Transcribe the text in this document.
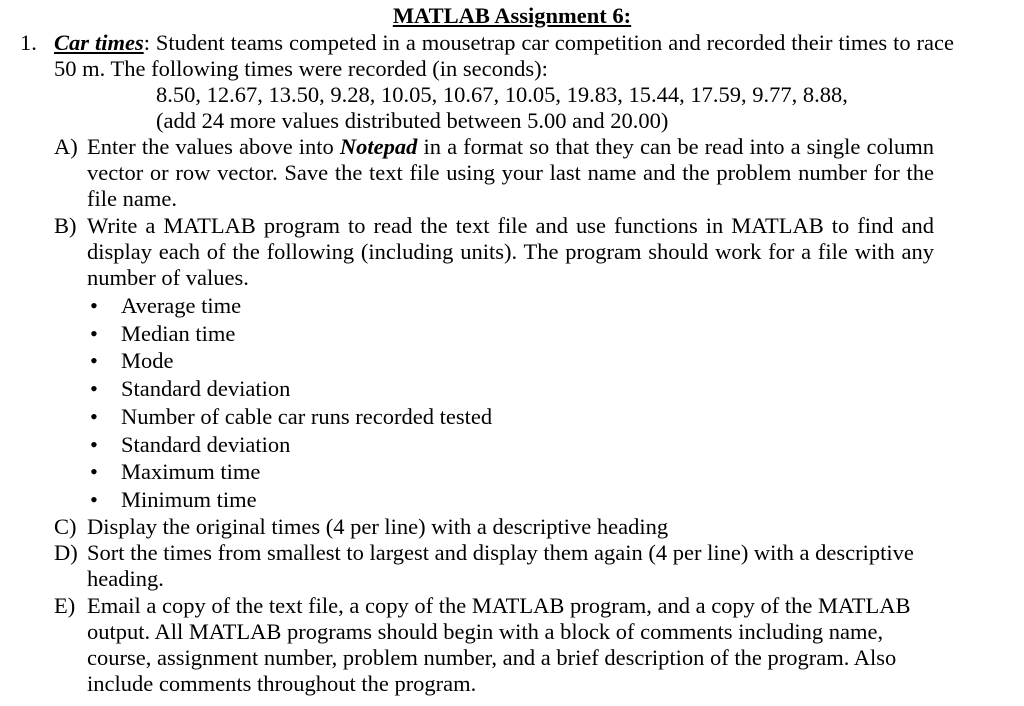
MATLAB Assignment 6:
1. Car times: Student teams competed in a mousetrap car competition and recorded their times to race 50 m. The following times were recorded (in seconds):
8.50, 12.67, 13.50, 9.28, 10.05, 10.67, 10.05, 19.83, 15.44, 17.59, 9.77, 8.88,
(add 24 more values distributed between 5.00 and 20.00)
A) Enter the values above into Notepad in a format so that they can be read into a single column vector or row vector. Save the text file using your last name and the problem number for the file name.
B) Write a MATLAB program to read the text file and use functions in MATLAB to find and display each of the following (including units). The program should work for a file with any number of values.
• Average time
• Median time
• Mode
• Standard deviation
• Number of cable car runs recorded tested
• Standard deviation
• Maximum time
• Minimum time
C) Display the original times (4 per line) with a descriptive heading
D) Sort the times from smallest to largest and display them again (4 per line) with a descriptive heading.
E) Email a copy of the text file, a copy of the MATLAB program, and a copy of the MATLAB output. All MATLAB programs should begin with a block of comments including name, course, assignment number, problem number, and a brief description of the program. Also include comments throughout the program.
